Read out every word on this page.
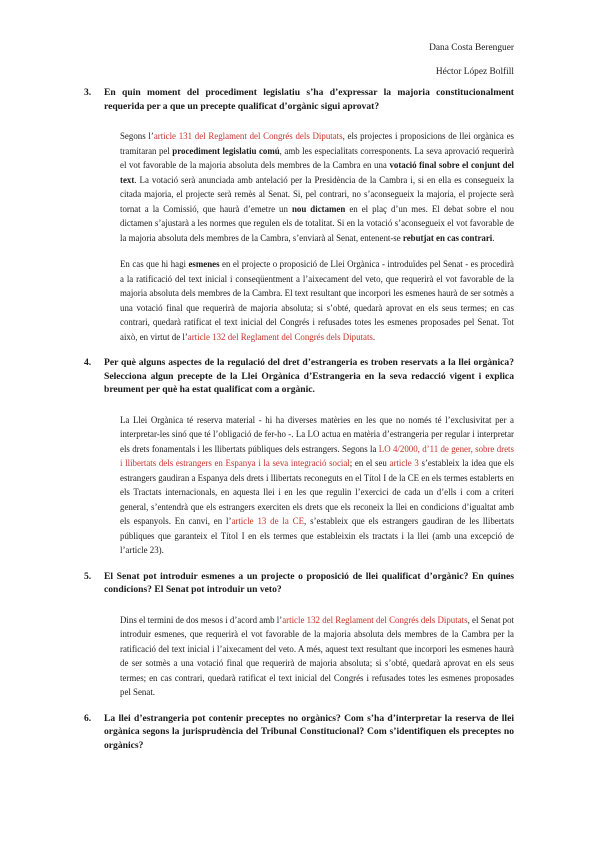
Dana Costa Berenguer
Héctor López Bolfill
3. En quin moment del procediment legislatiu s’ha d’expressar la majoria constitucionalment requerida per a que un precepte qualificat d’orgànic sigui aprovat?

Segons l’article 131 del Reglament del Congrés dels Diputats, els projectes i proposicions de llei orgànica es tramitaran pel procediment legislatiu comú, amb les especialitats corresponents. La seva aprovació requerirà el vot favorable de la majoria absoluta dels membres de la Cambra en una votació final sobre el conjunt del text. La votació serà anunciada amb antelació per la Presidència de la Cambra i, si en ella es consegueix la citada majoria, el projecte serà remès al Senat. Si, pel contrari, no s’aconsegueix la majoria, el projecte serà tornat a la Comissió, que haurà d’emetre un nou dictamen en el plaç d’un mes. El debat sobre el nou dictamen s’ajustarà a les normes que regulen els de totalitat. Si en la votació s’aconsegueix el vot favorable de la majoria absoluta dels membres de la Cambra, s’enviarà al Senat, entenent-se rebutjat en cas contrari.

En cas que hi hagi esmenes en el projecte o proposició de Llei Orgànica - introduïdes pel Senat - es procedirà a la ratificació del text inicial i conseqüentment a l’aixecament del veto, que requerirà el vot favorable de la majoria absoluta dels membres de la Cambra. El text resultant que incorpori les esmenes haurà de ser sotmès a una votació final que requerirà de majoria absoluta; si s’obté, quedarà aprovat en els seus termes; en cas contrari, quedarà ratificat el text inicial del Congrés i refusades totes les esmenes proposades pel Senat. Tot això, en virtut de l’article 132 del Reglament del Congrés dels Diputats.

4. Per què alguns aspectes de la regulació del dret d’estrangeria es troben reservats a la llei orgànica? Selecciona algun precepte de la Llei Orgànica d’Estrangeria en la seva redacció vigent i explica breument per què ha estat qualificat com a orgànic.

La Llei Orgànica té reserva material - hi ha diverses matèries en les que no només té l’exclusivitat per a interpretar-les sinó que té l’obligació de fer-ho -. La LO actua en matèria d’estrangeria per regular i interpretar els drets fonamentals i les llibertats públiques dels estrangers. Segons la LO 4/2000, d’11 de gener, sobre drets i llibertats dels estrangers en Espanya i la seva integració social; en el seu article 3 s’estableix la idea que els estrangers gaudiran a Espanya dels drets i llibertats reconeguts en el Títol I de la CE en els termes establerts en els Tractats internacionals, en aquesta llei i en les que regulin l’exercici de cada un d’ells i com a criteri general, s’entendrà que els estrangers exerciten els drets que els reconeix la llei en condicions d’igualtat amb els espanyols. En canvi, en l’article 13 de la CE, s’estableix que els estrangers gaudiran de les llibertats públiques que garanteix el Títol I en els termes que estableixin els tractats i la llei (amb una excepció de l’article 23).

5. El Senat pot introduir esmenes a un projecte o proposició de llei qualificat d’orgànic? En quines condicions? El Senat pot introduir un veto?

Dins el termini de dos mesos i d’acord amb l’article 132 del Reglament del Congrés dels Diputats, el Senat pot introduir esmenes, que requerirà el vot favorable de la majoria absoluta dels membres de la Cambra per la ratificació del text inicial i l’aixecament del veto. A més, aquest text resultant que incorpori les esmenes haurà de ser sotmès a una votació final que requerirà de majoria absoluta; si s’obté, quedarà aprovat en els seus termes; en cas contrari, quedarà ratificat el text inicial del Congrés i refusades totes les esmenes proposades pel Senat.

6. La llei d’estrangeria pot contenir preceptes no orgànics? Com s’ha d’interpretar la reserva de llei orgànica segons la jurisprudència del Tribunal Constitucional? Com s’identifiquen els preceptes no orgànics?
